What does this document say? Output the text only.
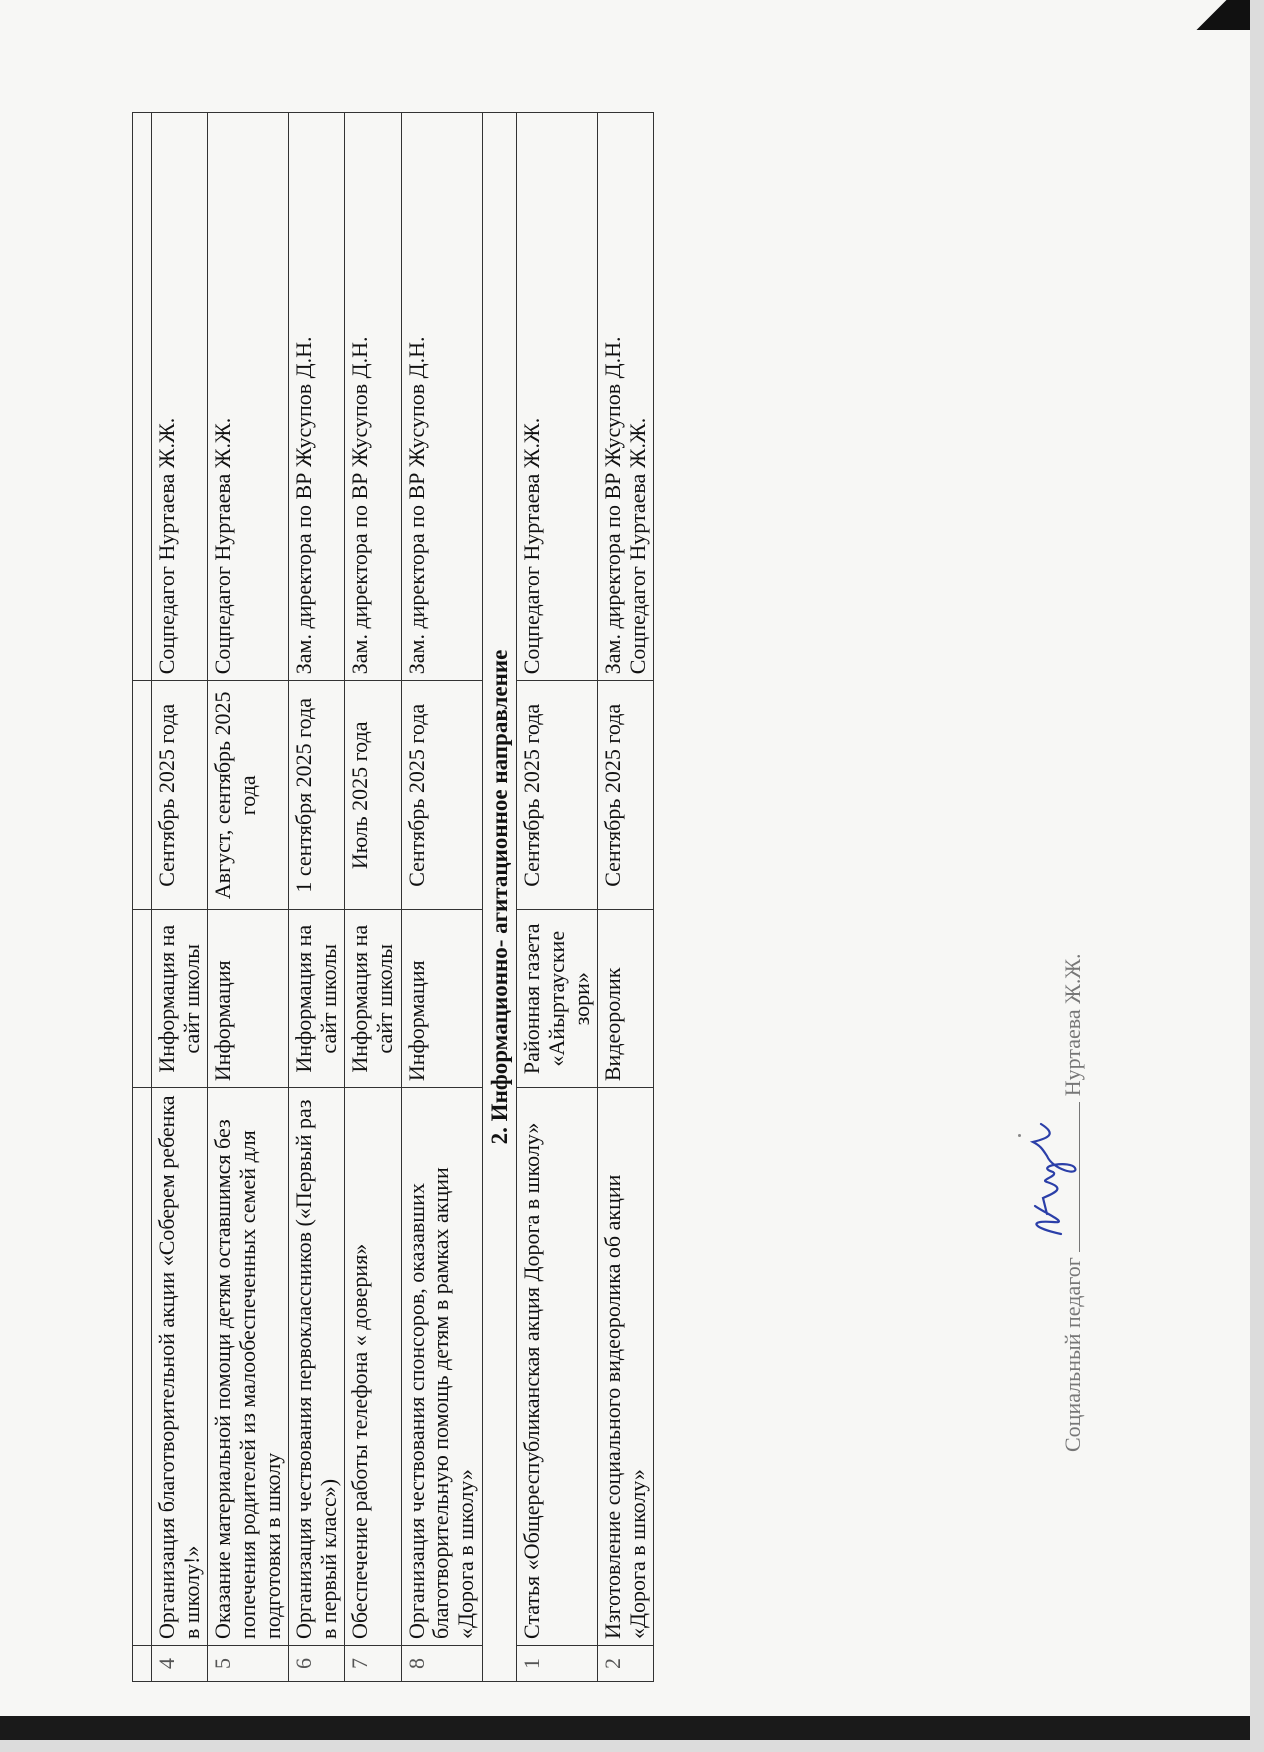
4	Организация благотворительной акции «Соберем ребенка в школу!»	Информация на сайт школы	Сентябрь 2025 года	Соцпедагог Нуртаева Ж.Ж.
5	Оказание материальной помощи детям оставшимся без попечения родителей из малообеспеченных семей для подготовки в школу	Информация	Август, сентябрь 2025 года	Соцпедагог Нуртаева Ж.Ж.
6	Организация чествования первоклассников («Первый раз в первый класс»)	Информация на сайт школы	1 сентября 2025 года	Зам. директора по ВР Жусупов Д.Н.
7	Обеспечение работы телефона « доверия»	Информация на сайт школы	Июль 2025 года	Зам. директора по ВР Жусупов Д.Н.
8	Организация чествования спонсоров, оказавших благотворительную помощь детям в рамках акции «Дорога в школу»	Информация	Сентябрь 2025 года	Зам. директора по ВР Жусупов Д.Н.
2. Информационно- агитационное направление				
1	Статья «Общереспубликанская акция Дорога в школу»	Районная газета «Айыртауские зори»	Сентябрь 2025 года	Соцпедагог Нуртаева Ж.Ж.
2	Изготовление социального видеоролика об акции «Дорога в школу»	Видеоролик	Сентябрь 2025 года	Зам. директора по ВР Жусупов Д.Н. Соцпедагог Нуртаева Ж.Ж.
Социальный педагог
Нуртаева Ж.Ж.
